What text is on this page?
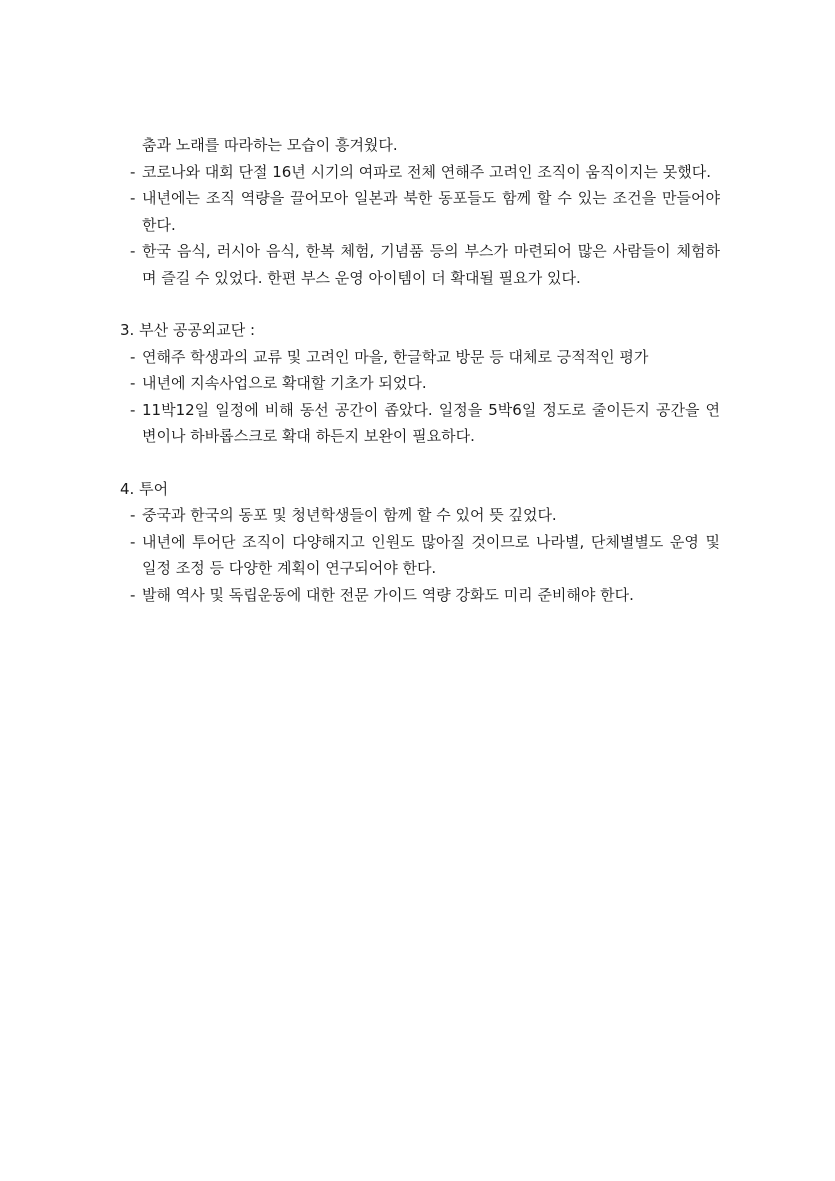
춤과 노래를 따라하는 모습이 흥겨웠다.

- 코로나와 대회 단절 16년 시기의 여파로 전체 연해주 고려인 조직이 움직이지는 못했다.
- 내년에는 조직 역량을 끌어모아 일본과 북한 동포들도 함께 할 수 있는 조건을 만들어야 한다.
- 한국 음식, 러시아 음식, 한복 체험, 기념품 등의 부스가 마련되어 많은 사람들이 체험하며 즐길 수 있었다. 한편 부스 운영 아이템이 더 확대될 필요가 있다.

3. 부산 공공외교단 :

- 연해주 학생과의 교류 및 고려인 마을, 한글학교 방문 등 대체로 긍적적인 평가
- 내년에 지속사업으로 확대할 기초가 되었다.
- 11박12일 일정에 비해 동선 공간이 좁았다. 일정을 5박6일 정도로 줄이든지 공간을 연변이나 하바롭스크로 확대 하든지 보완이 필요하다.

4. 투어

- 중국과 한국의 동포 및 청년학생들이 함께 할 수 있어 뜻 깊었다.
- 내년에 투어단 조직이 다양해지고 인원도 많아질 것이므로 나라별, 단체별별도 운영 및 일정 조정 등 다양한 계획이 연구되어야 한다.
- 발해 역사 및 독립운동에 대한 전문 가이드 역량 강화도 미리 준비해야 한다.
